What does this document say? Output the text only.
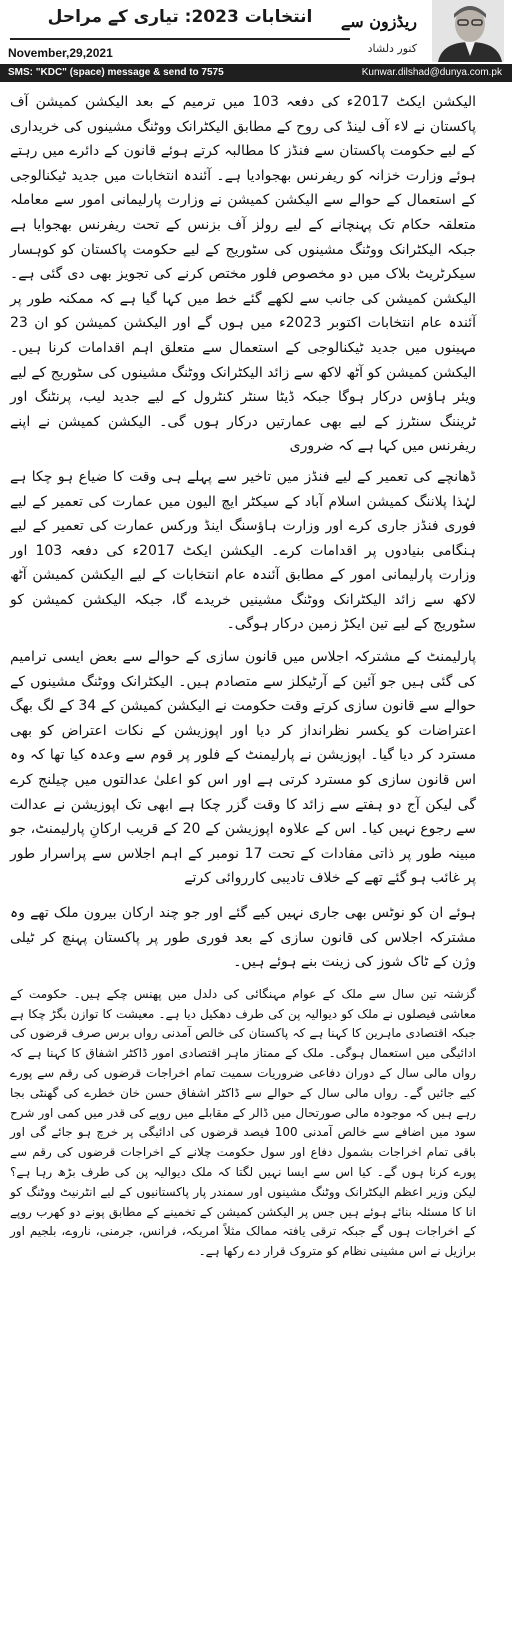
انتخابات 2023: تیاری کے مراحل	ریڈزون سے
کنور دلشاد
November,29,2021
SMS: "KDC" (space) message & send to 7575	Kunwar.dilshad@dunya.com.pk

الیکشن ایکٹ 2017ء کی دفعہ 103 میں ترمیم کے بعد الیکشن کمیشن آف پاکستان نے لاء آف لینڈ کی روح کے مطابق الیکٹرانک ووٹنگ مشینوں کی خریداری کے لیے حکومت پاکستان سے فنڈز کا مطالبہ کرتے ہوئے قانون کے دائرے میں رہتے ہوئے وزارت خزانہ کو ریفرنس بھجوادیا ہے۔ آئندہ انتخابات میں جدید ٹیکنالوجی کے استعمال کے حوالے سے الیکشن کمیشن نے وزارت پارلیمانی امور سے معاملہ متعلقہ حکام تک پہنچانے کے لیے رولز آف بزنس کے تحت ریفرنس بھجوایا ہے جبکہ الیکٹرانک ووٹنگ مشینوں کی سٹوریج کے لیے حکومت پاکستان کو کوہسار سیکرٹریٹ بلاک میں دو مخصوص فلور مختص کرنے کی تجویز بھی دی گئی ہے۔ الیکشن کمیشن کی جانب سے لکھے گئے خط میں کہا گیا ہے کہ ممکنہ طور پر آئندہ عام انتخابات اکتوبر 2023ء میں ہوں گے اور الیکشن کمیشن کو ان 23 مہینوں میں جدید ٹیکنالوجی کے استعمال سے متعلق اہم اقدامات کرنا ہیں۔ الیکشن کمیشن کو آٹھ لاکھ سے زائد الیکٹرانک ووٹنگ مشینوں کی سٹوریج کے لیے ویئر ہاؤس درکار ہوگا جبکہ ڈیٹا سنٹر کنٹرول کے لیے جدید لیب، پرنٹنگ اور ٹریننگ سنٹرز کے لیے بھی عمارتیں درکار ہوں گی۔ الیکشن کمیشن نے اپنے ریفرنس میں کہا ہے کہ ضروری

ڈھانچے کی تعمیر کے لیے فنڈز میں تاخیر سے پہلے ہی وقت کا ضیاع ہو چکا ہے لہٰذا پلاننگ کمیشن اسلام آباد کے سیکٹر ایچ الیون میں عمارت کی تعمیر کے لیے فوری فنڈز جاری کرے اور وزارت ہاؤسنگ اینڈ ورکس عمارت کی تعمیر کے لیے ہنگامی بنیادوں پر اقدامات کرے۔ الیکشن ایکٹ 2017ء کی دفعہ 103 اور وزارت پارلیمانی امور کے مطابق آئندہ عام انتخابات کے لیے الیکشن کمیشن آٹھ لاکھ سے زائد الیکٹرانک ووٹنگ مشینیں خریدے گا، جبکہ الیکشن کمیشن کو سٹوریج کے لیے تین ایکڑ زمین درکار ہوگی۔

پارلیمنٹ کے مشترکہ اجلاس میں قانون سازی کے حوالے سے بعض ایسی ترامیم کی گئی ہیں جو آئین کے آرٹیکلز سے متصادم ہیں۔ الیکٹرانک ووٹنگ مشینوں کے حوالے سے قانون سازی کرتے وقت حکومت نے الیکشن کمیشن کے 34 کے لگ بھگ اعتراضات کو یکسر نظرانداز کر دیا اور اپوزیشن کے نکات اعتراض کو بھی مسترد کر دیا گیا۔ اپوزیشن نے پارلیمنٹ کے فلور پر قوم سے وعدہ کیا تھا کہ وہ اس قانون سازی کو مسترد کرتی ہے اور اس کو اعلیٰ عدالتوں میں چیلنج کرے گی لیکن آج دو ہفتے سے زائد کا وقت گزر چکا ہے ابھی تک اپوزیشن نے عدالت سے رجوع نہیں کیا۔ اس کے علاوہ اپوزیشن کے 20 کے قریب ارکانِ پارلیمنٹ، جو مبینہ طور پر ذاتی مفادات کے تحت 17 نومبر کے اہم اجلاس سے پراسرار طور پر غائب ہو گئے تھے کے خلاف تادیبی کارروائی کرتے

ہوئے ان کو نوٹس بھی جاری نہیں کیے گئے اور جو چند ارکان بیرون ملک تھے وہ مشترکہ اجلاس کی قانون سازی کے بعد فوری طور پر پاکستان پہنچ کر ٹیلی وژن کے ٹاک شوز کی زینت بنے ہوئے ہیں۔

گزشتہ تین سال سے ملک کے عوام مہنگائی کی دلدل میں پھنس چکے ہیں۔ حکومت کے معاشی فیصلوں نے ملک کو دیوالیہ پن کی طرف دھکیل دیا ہے۔ معیشت کا توازن بگڑ چکا ہے جبکہ اقتصادی ماہرین کا کہنا ہے کہ پاکستان کی خالص آمدنی رواں برس صرف قرضوں کی ادائیگی میں استعمال ہوگی۔ ملک کے ممتاز ماہر اقتصادی امور ڈاکٹر اشفاق کا کہنا ہے کہ رواں مالی سال کے دوران دفاعی ضروریات سمیت تمام اخراجات قرضوں کی رقم سے پورے کیے جائیں گے۔ رواں مالی سال کے حوالے سے ڈاکٹر اشفاق حسن خان خطرے کی گھنٹی بجا رہے ہیں کہ موجودہ مالی صورتحال میں ڈالر کے مقابلے میں روپے کی قدر میں کمی اور شرح سود میں اضافے سے خالص آمدنی 100 فیصد قرضوں کی ادائیگی پر خرچ ہو جائے گی اور باقی تمام اخراجات بشمول دفاع اور سول حکومت چلانے کے اخراجات قرضوں کی رقم سے پورے کرنا ہوں گے۔ کیا اس سے ایسا نہیں لگتا کہ ملک دیوالیہ پن کی طرف بڑھ رہا ہے؟ لیکن وزیر اعظم الیکٹرانک ووٹنگ مشینوں اور سمندر پار پاکستانیوں کے لیے انٹرنیٹ ووٹنگ کو انا کا مسئلہ بنائے ہوئے ہیں جس پر الیکشن کمیشن کے تخمینے کے مطابق پونے دو کھرب روپے کے اخراجات ہوں گے جبکہ ترقی یافتہ ممالک مثلاً امریکہ، فرانس، جرمنی، ناروے، بلجیم اور برازیل نے اس مشینی نظام کو متروک قرار دے رکھا ہے۔
